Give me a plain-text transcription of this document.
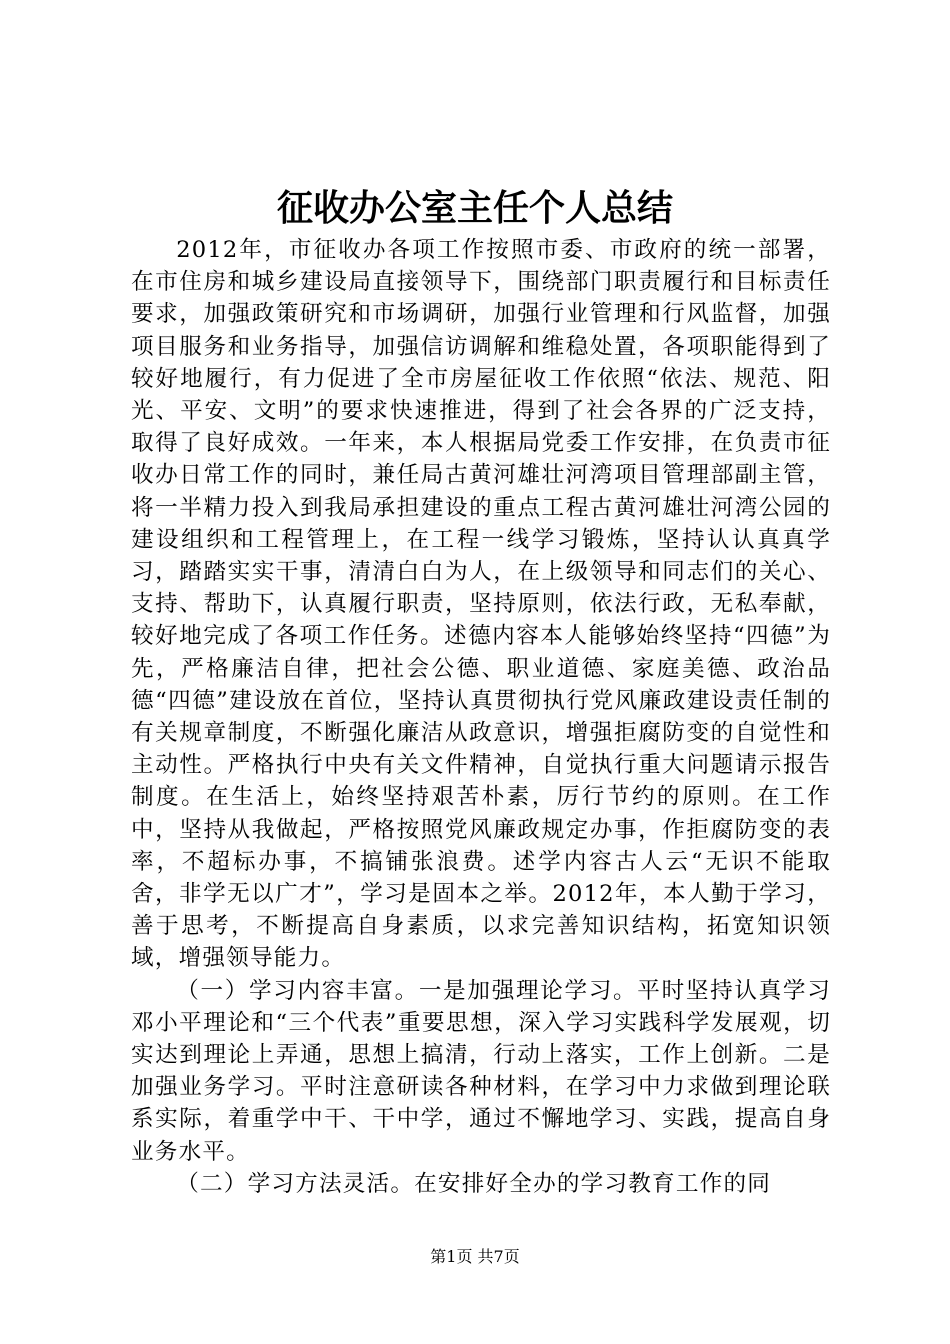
征收办公室主任个人总结

2012年，市征收办各项工作按照市委、市政府的统一部署，在市住房和城乡建设局直接领导下，围绕部门职责履行和目标责任要求，加强政策研究和市场调研，加强行业管理和行风监督，加强项目服务和业务指导，加强信访调解和维稳处置，各项职能得到了较好地履行，有力促进了全市房屋征收工作依照“依法、规范、阳光、平安、文明”的要求快速推进，得到了社会各界的广泛支持，取得了良好成效。一年来，本人根据局党委工作安排，在负责市征收办日常工作的同时，兼任局古黄河雄壮河湾项目管理部副主管，将一半精力投入到我局承担建设的重点工程古黄河雄壮河湾公园的建设组织和工程管理上，在工程一线学习锻炼，坚持认认真真学习，踏踏实实干事，清清白白为人，在上级领导和同志们的关心、支持、帮助下，认真履行职责，坚持原则，依法行政，无私奉献，较好地完成了各项工作任务。述德内容本人能够始终坚持“四德”为先，严格廉洁自律，把社会公德、职业道德、家庭美德、政治品德“四德”建设放在首位，坚持认真贯彻执行党风廉政建设责任制的有关规章制度，不断强化廉洁从政意识，增强拒腐防变的自觉性和主动性。严格执行中央有关文件精神，自觉执行重大问题请示报告制度。在生活上，始终坚持艰苦朴素，厉行节约的原则。在工作中，坚持从我做起，严格按照党风廉政规定办事，作拒腐防变的表率，不超标办事，不搞铺张浪费。述学内容古人云“无识不能取舍，非学无以广才”，学习是固本之举。2012年，本人勤于学习，善于思考，不断提高自身素质，以求完善知识结构，拓宽知识领域，增强领导能力。

（一）学习内容丰富。一是加强理论学习。平时坚持认真学习邓小平理论和“三个代表”重要思想，深入学习实践科学发展观，切实达到理论上弄通，思想上搞清，行动上落实，工作上创新。二是加强业务学习。平时注意研读各种材料，在学习中力求做到理论联系实际，着重学中干、干中学，通过不懈地学习、实践，提高自身业务水平。

（二）学习方法灵活。在安排好全办的学习教育工作的同

第1页 共7页
